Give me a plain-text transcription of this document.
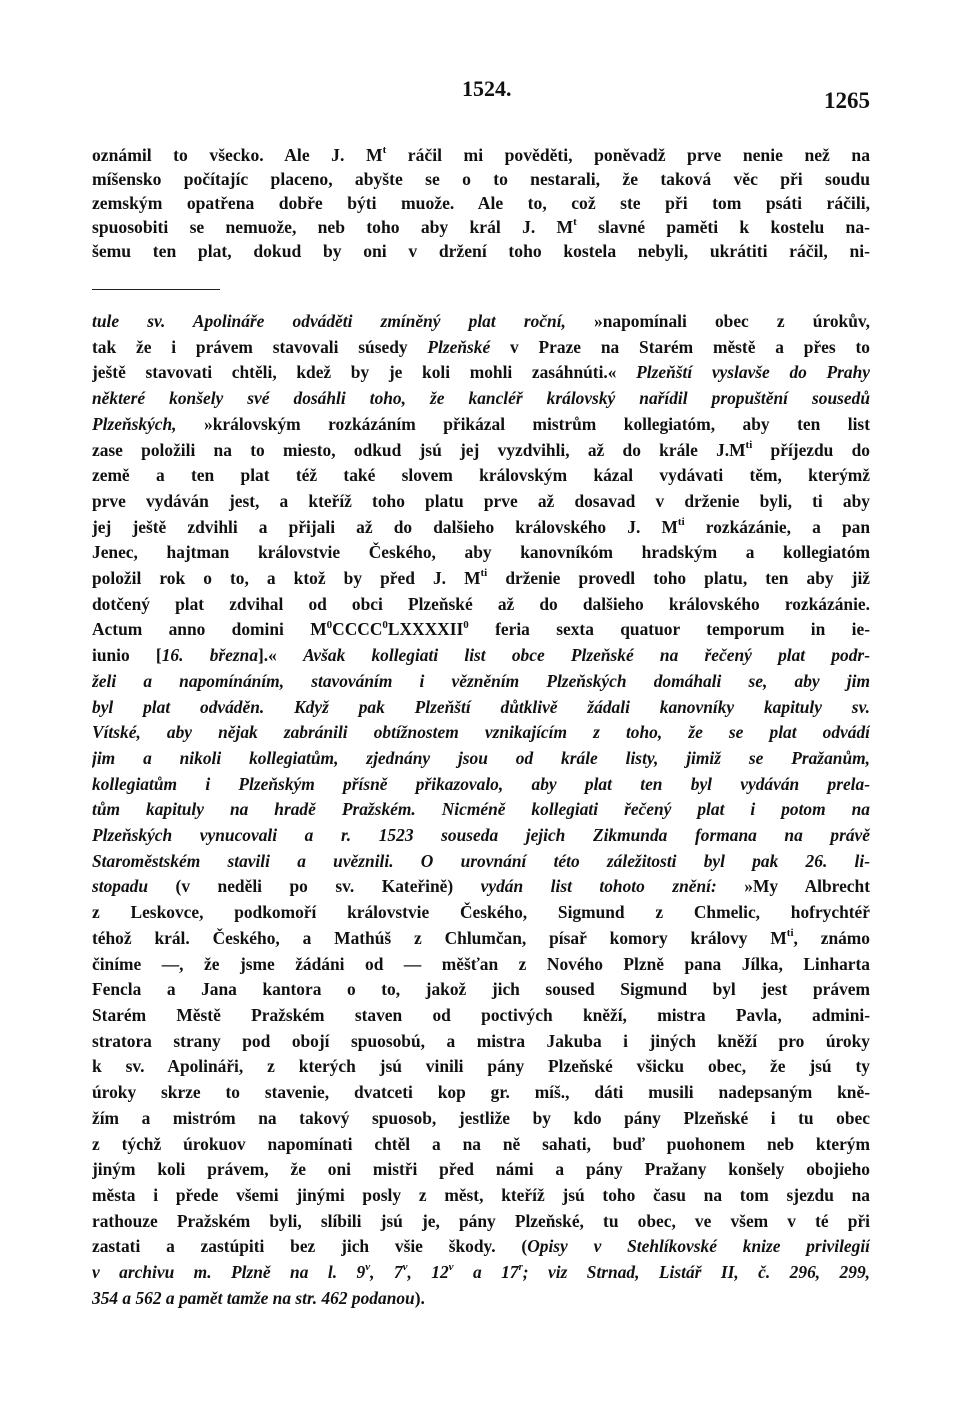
1524.	1265
oznámil to všecko. Ale J. $M^t$ ráčil mi pověděti, poněvadž prve nenie než na
míšensko počítajíc placeno, abyšte se o to nestarali, že taková věc při soudu
zemským opatřena dobře býti muože. Ale to, což ste při tom psáti ráčili,
spuosobiti se nemuože, neb toho aby král J. $M^t$ slavné paměti k kostelu na-
šemu ten plat, dokud by oni v držení toho kostela nebyli, ukrátiti ráčil, ni-
tule sv. Apolináře odváděti zmíněný plat roční, »napomínali obec z úrokův,
tak že i právem stavovali súsedy Plzeňské v Praze na Starém městě a přes to
ještě stavovati chtěli, kdež by je koli mohli zasáhnúti.« Plzeňští vyslavše do Prahy
některé konšely své dosáhli toho, že kancléř královský nařídil propuštění sousedů
Plzeňských, »královským rozkázáním přikázal mistrům kollegiatóm, aby ten list
zase položili na to miesto, odkud jsú jej vyzdvihli, až do krále $J.M^{ti}$ příjezdu do
země a ten plat též také slovem královským kázal vydávati těm, kterýmž
prve vydáván jest, a kteříž toho platu prve až dosavad v drženie byli, ti aby
jej ještě zdvihli a přijali až do dalšieho královského J. $M^{ti}$ rozkázánie, a pan
Jenec, hajtman královstvie Českého, aby kanovníkóm hradským a kollegiatóm
položil rok o to, a ktož by před J. $M^{ti}$ drženie provedl toho platu, ten aby již
dotčený plat zdvihal od obci Plzeňské až do dalšieho královského rozkázánie.
Actum anno domini $M^0CCCC^0LXXXXII^0$ feria sexta quatuor temporum in ie-
iunio [16. března].« Avšak kollegiati list obce Plzeňské na řečený plat podr-
želi a napomínáním, stavováním i vězněním Plzeňských domáhali se, aby jim
byl plat odváděn. Když pak Plzeňští důtklivě žádali kanovníky kapituly sv.
Vítské, aby nějak zabránili obtížnostem vznikajícím z toho, že se plat odvádí
jim a nikoli kollegiatům, zjednány jsou od krále listy, jimiž se Pražanům,
kollegiatům i Plzeňským přísně přikazovalo, aby plat ten byl vydáván prela-
tům kapituly na hradě Pražském. Nicméně kollegiati řečený plat i potom na
Plzeňských vynucovali a r. 1523 souseda jejich Zikmunda formana na právě
Staroměstském stavili a uvěznili. O urovnání této záležitosti byl pak 26. li-
stopadu (v neděli po sv. Kateřině) vydán list tohoto znění: »My Albrecht
z Leskovce, podkomoří královstvie Českého, Sigmund z Chmelic, hofrychtéř
téhož král. Českého, a Mathúš z Chlumčan, písař komory královy $M^{ti}$, známo
činíme —, že jsme žádáni od — měšťan z Nového Plzně pana Jílka, Linharta
Fencla a Jana kantora o to, jakož jich soused Sigmund byl jest právem
Starém Městě Pražském staven od poctivých kněží, mistra Pavla, admini-
stratora strany pod obojí spuosobú, a mistra Jakuba i jiných kněží pro úroky
k sv. Apolináři, z kterých jsú vinili pány Plzeňské všicku obec, že jsú ty
úroky skrze to stavenie, dvatceti kop gr. míš., dáti musili nadepsaným kně-
žím a mistróm na takový spuosob, jestliže by kdo pány Plzeňské i tu obec
z týchž úrokuov napomínati chtěl a na ně sahati, buď puohonem neb kterým
jiným koli právem, že oni mistři před námi a pány Pražany konšely obojieho
města i přede všemi jinými posly z měst, kteříž jsú toho času na tom sjezdu na
rathouze Pražském byli, slíbili jsú je, pány Plzeňské, tu obec, ve všem v té při
zastati a zastúpiti bez jich všie škody. (Opisy v Stehlíkovské knize privilegií
v archivu m. Plzně na l. 9$^v$, 7$^v$, 12$^v$ a 17$^r$; viz Strnad, Listář II, č. 296, 299,
354 a 562 a pamět tamže na str. 462 podanou).
